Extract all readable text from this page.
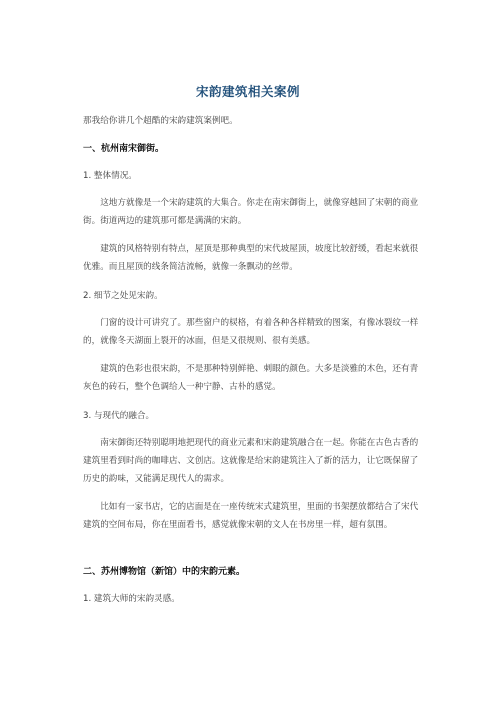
宋韵建筑相关案例
那我给你讲几个超酷的宋韵建筑案例吧。
一、杭州南宋御街。
1. 整体情况。
这地方就像是一个宋韵建筑的大集合。你走在南宋御街上，就像穿越回了宋朝的商业街。街道两边的建筑那可都是满满的宋韵。
建筑的风格特别有特点，屋顶是那种典型的宋代坡屋顶，坡度比较舒缓，看起来就很优雅。而且屋顶的线条简洁流畅，就像一条飘动的丝带。
2. 细节之处见宋韵。
门窗的设计可讲究了。那些窗户的棂格，有着各种各样精致的图案，有像冰裂纹一样的，就像冬天湖面上裂开的冰面，但是又很规则、很有美感。
建筑的色彩也很宋韵，不是那种特别鲜艳、刺眼的颜色。大多是淡雅的木色，还有青灰色的砖石，整个色调给人一种宁静、古朴的感觉。
3. 与现代的融合。
南宋御街还特别聪明地把现代的商业元素和宋韵建筑融合在一起。你能在古色古香的建筑里看到时尚的咖啡店、文创店。这就像是给宋韵建筑注入了新的活力，让它既保留了历史的韵味，又能满足现代人的需求。
比如有一家书店，它的店面是在一座传统宋式建筑里，里面的书架摆放都结合了宋代建筑的空间布局，你在里面看书，感觉就像宋朝的文人在书房里一样，超有氛围。
二、苏州博物馆（新馆）中的宋韵元素。
1. 建筑大师的宋韵灵感。
